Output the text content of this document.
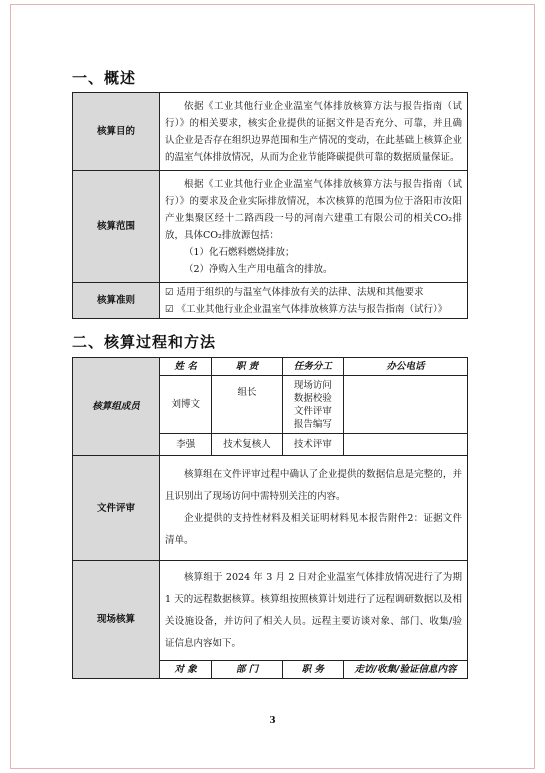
一、概述
核算目的	依据《工业其他行业企业温室气体排放核算方法与报告指南（试行）》的相关要求，核实企业提供的证据文件是否充分、可靠，并且确认企业是否存在组织边界范围和生产情况的变动，在此基础上核算企业的温室气体排放情况，从而为企业节能降碳提供可靠的数据质量保证。

核算范围	根据《工业其他行业企业温室气体排放核算方法与报告指南（试行）》的要求及企业实际排放情况，本次核算的范围为位于洛阳市汝阳产业集聚区经十二路西段一号的河南六建重工有限公司的相关CO₂排放，具体CO₂排放源包括：

（1）化石燃料燃烧排放；

（2）净购入生产用电蕴含的排放。

核算准则	☑ 适用于组织的与温室气体排放有关的法律、法规和其他要求

☑ 《工业其他行业企业温室气体排放核算方法与报告指南（试行）》

二、核算过程和方法
核算组成员	姓 名	职 责	任务分工	办公电话
	刘博文	组长	现场访问
数据校验
文件评审
报告编写	

	李强	技术复核人	技术评审	
文件评审	核算组在文件评审过程中确认了企业提供的数据信息是完整的，并且识别出了现场访问中需特别关注的内容。

企业提供的支持性材料及相关证明材料见本报告附件2：证据文件清单。			

现场核算	核算组于 2024 年 3 月 2 日对企业温室气体排放情况进行了为期 1 天的远程数据核算。核算组按照核算计划进行了远程调研数据以及相关设施设备，并访问了相关人员。远程主要访谈对象、部门、收集/验证信息内容如下。			

	对 象	部 门	职 务	走访/收集/验证信息内容
3
